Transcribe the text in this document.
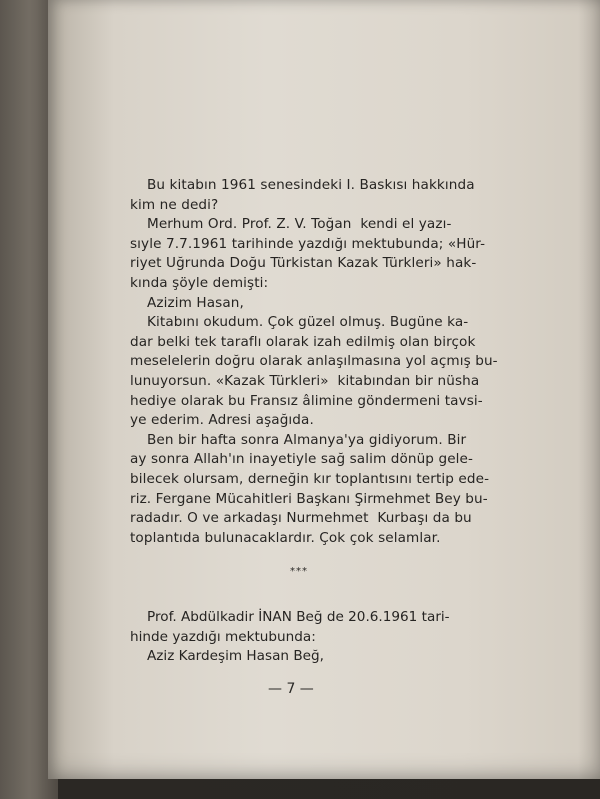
Bu kitabın 1961 senesindeki I. Baskısı hakkında
kim ne dedi?
Merhum Ord. Prof. Z. V. Toğan  kendi el yazı-
sıyle 7.7.1961 tarihinde yazdığı mektubunda; «Hür-
riyet Uğrunda Doğu Türkistan Kazak Türkleri» hak-
kında şöyle demişti:
Azizim Hasan,
Kitabını okudum. Çok güzel olmuş. Bugüne ka-
dar belki tek taraflı olarak izah edilmiş olan birçok
meselelerin doğru olarak anlaşılmasına yol açmış bu-
lunuyorsun. «Kazak Türkleri»  kitabından bir nüsha
hediye olarak bu Fransız âlimine göndermeni tavsi-
ye ederim. Adresi aşağıda.
Ben bir hafta sonra Almanya'ya gidiyorum. Bir
ay sonra Allah'ın inayetiyle sağ salim dönüp gele-
bilecek olursam, derneğin kır toplantısını tertip ede-
riz. Fergane Mücahitleri Başkanı Şirmehmet Bey bu-
radadır. O ve arkadaşı Nurmehmet  Kurbaşı da bu
toplantıda bulunacaklardır. Çok çok selamlar.
***
Prof. Abdülkadir İNAN Beğ de 20.6.1961 tari-
hinde yazdığı mektubunda:
Aziz Kardeşim Hasan Beğ,
— 7 —
